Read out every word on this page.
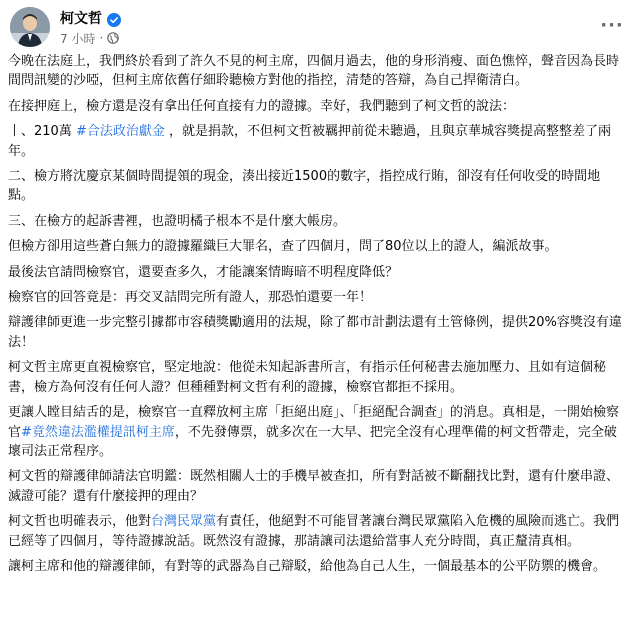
柯文哲
7 小時 ·
···

今晚在法庭上，我們終於看到了許久不見的柯主席，四個月過去，他的身形消瘦、面色憔悴，聲音因為長時間問訊變的沙啞，但柯主席依舊仔細聆聽檢方對他的指控，清楚的答辯，為自己捍衛清白。

在接押庭上，檢方還是沒有拿出任何直接有力的證據。幸好，我們聽到了柯文哲的說法：

丨、210萬 #合法政治獻金 ，就是捐款，不但柯文哲被羈押前從未聽過，且與京華城容獎提高整整差了兩年。

二、檢方將沈慶京某個時間提領的現金，湊出接近1500的數字，指控成行賄，卻沒有任何收受的時間地點。

三、在檢方的起訴書裡，也證明橘子根本不是什麼大帳房。

但檢方卻用這些蒼白無力的證據羅織巨大罪名，查了四個月，問了80位以上的證人，編派故事。

最後法官請問檢察官，還要查多久，才能讓案情晦暗不明程度降低？

檢察官的回答竟是：再交叉詰問完所有證人，那恐怕還要一年！

辯護律師更進一步完整引據都市容積獎勵適用的法規，除了都市計劃法還有土管條例，提供20%容獎沒有違法！

柯文哲主席更直視檢察官，堅定地說：他從未知起訴書所言，有指示任何秘書去施加壓力、且如有這個秘書，檢方為何沒有任何人證？但種種對柯文哲有利的證據，檢察官都拒不採用。

更讓人瞠目結舌的是，檢察官一直釋放柯主席「拒絕出庭」、「拒絕配合調查」的消息。真相是，一開始檢察官#竟然違法濫權提訊柯主席，不先發傳票，就多次在一大早、把完全沒有心理準備的柯文哲帶走，完全破壞司法正常程序。

柯文哲的辯護律師請法官明鑑：既然相關人士的手機早被查扣，所有對話被不斷翻找比對，還有什麼串證、滅證可能？還有什麼接押的理由？

柯文哲也明確表示，他對台灣民眾黨有責任，他絕對不可能冒著讓台灣民眾黨陷入危機的風險而逃亡。我們已經等了四個月，等待證據說話。既然沒有證據，那請讓司法還給當事人充分時間，真正釐清真相。

讓柯主席和他的辯護律師，有對等的武器為自己辯駁，給他為自己人生，一個最基本的公平防禦的機會。
